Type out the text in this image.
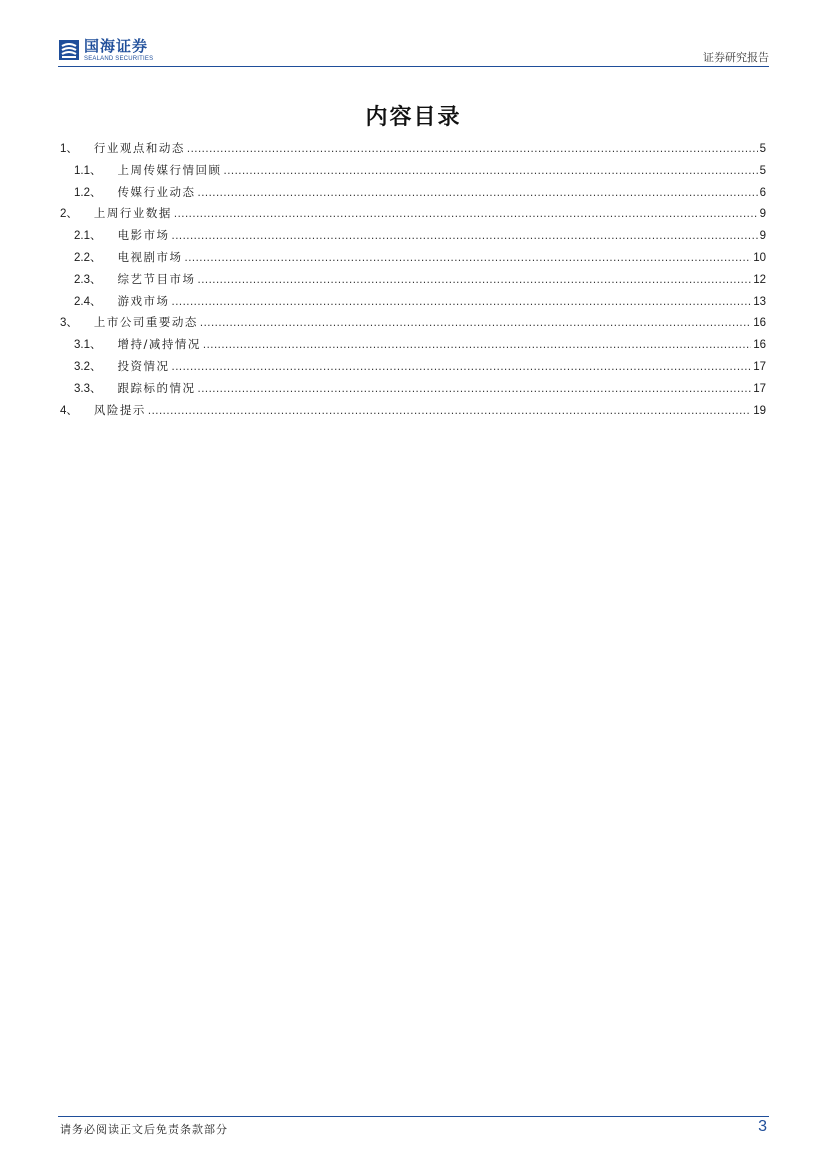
国海证券
SEALAND SECURITIES	证券研究报告
内容目录
1 、 行业观点和动态 .....	5
1.1 、 上周传媒行情回顾 .....	5
1.2 、 传媒行业动态 .....	6
2 、 上周行业数据 .....	9
2.1 、 电影市场 .....	9
2.2 、 电视剧市场 .....	10
2.3 、 综艺节目市场 .....	12
2.4 、 游戏市场 .....	13
3 、 上市公司重要动态 .....	16
3.1 、 增持/减持情况 .....	16
3.2 、 投资情况 .....	17
3.3 、 跟踪标的情况 .....	17
4 、 风险提示 .....	19
请务必阅读正文后免责条款部分	3
